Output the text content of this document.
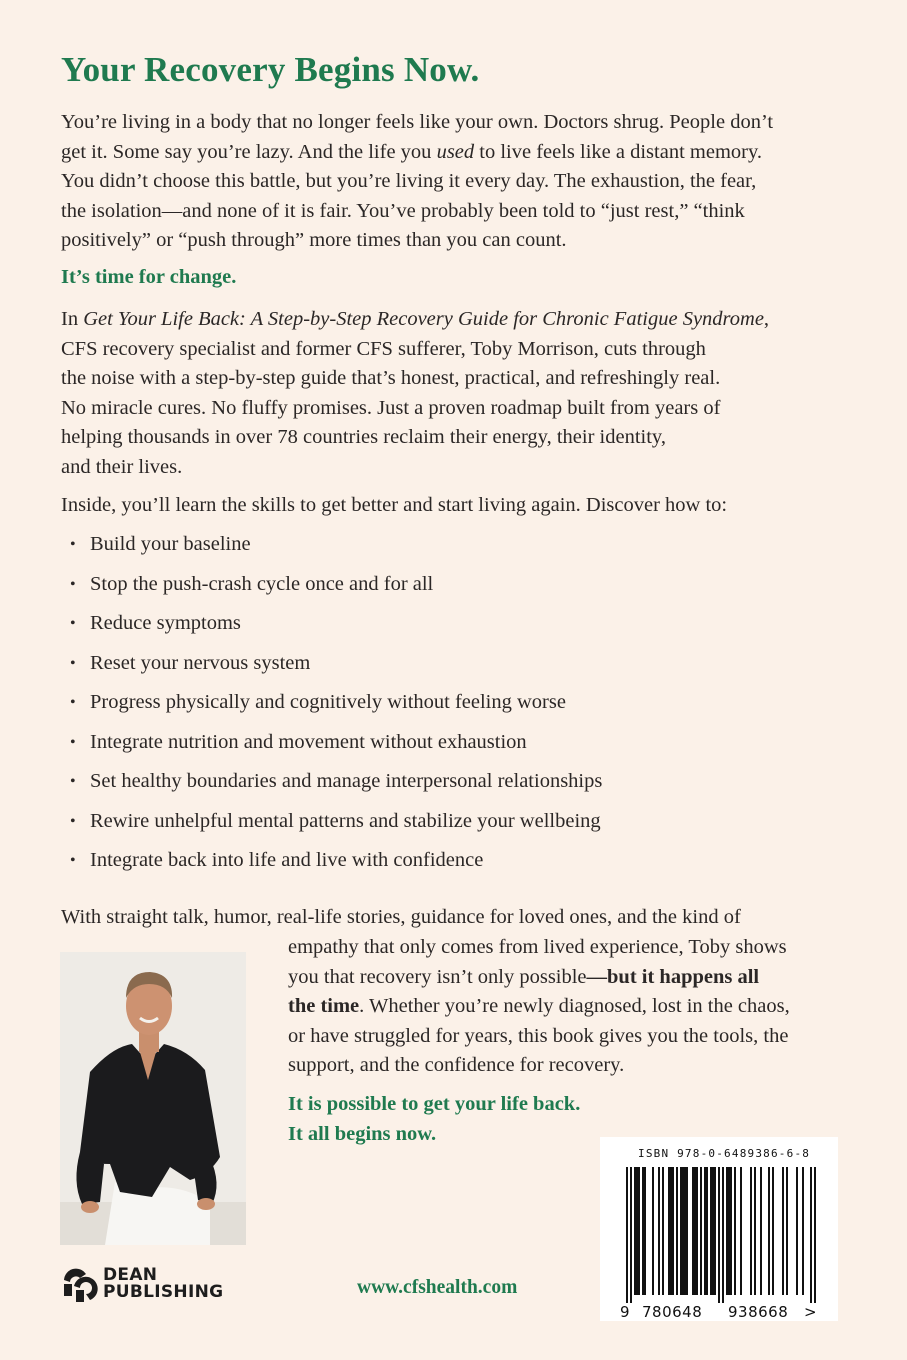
Your Recovery Begins Now.

You’re living in a body that no longer feels like your own. Doctors shrug. People don’t
get it. Some say you’re lazy. And the life you used to live feels like a distant memory.
You didn’t choose this battle, but you’re living it every day. The exhaustion, the fear,
the isolation—and none of it is fair. You’ve probably been told to “just rest,” “think
positively” or “push through” more times than you can count.

It’s time for change.

In Get Your Life Back: A Step-by-Step Recovery Guide for Chronic Fatigue Syndrome,
CFS recovery specialist and former CFS sufferer, Toby Morrison, cuts through
the noise with a step-by-step guide that’s honest, practical, and refreshingly real.
No miracle cures. No fluffy promises. Just a proven roadmap built from years of
helping thousands in over 78 countries reclaim their energy, their identity,
and their lives.

Inside, you’ll learn the skills to get better and start living again. Discover how to:

• Build your baseline
• Stop the push-crash cycle once and for all
• Reduce symptoms
• Reset your nervous system
• Progress physically and cognitively without feeling worse
• Integrate nutrition and movement without exhaustion
• Set healthy boundaries and manage interpersonal relationships
• Rewire unhelpful mental patterns and stabilize your wellbeing
• Integrate back into life and live with confidence

With straight talk, humor, real-life stories, guidance for loved ones, and the kind of

empathy that only comes from lived experience, Toby shows
you that recovery isn’t only possible—but it happens all
the time. Whether you’re newly diagnosed, lost in the chaos,
or have struggled for years, this book gives you the tools, the
support, and the confidence for recovery.

It is possible to get your life back.
It all begins now.

DEAN
PUBLISHING	www.cfshealth.com
ISBN 978-0-6489386-6-8
9 780648 938668 >
